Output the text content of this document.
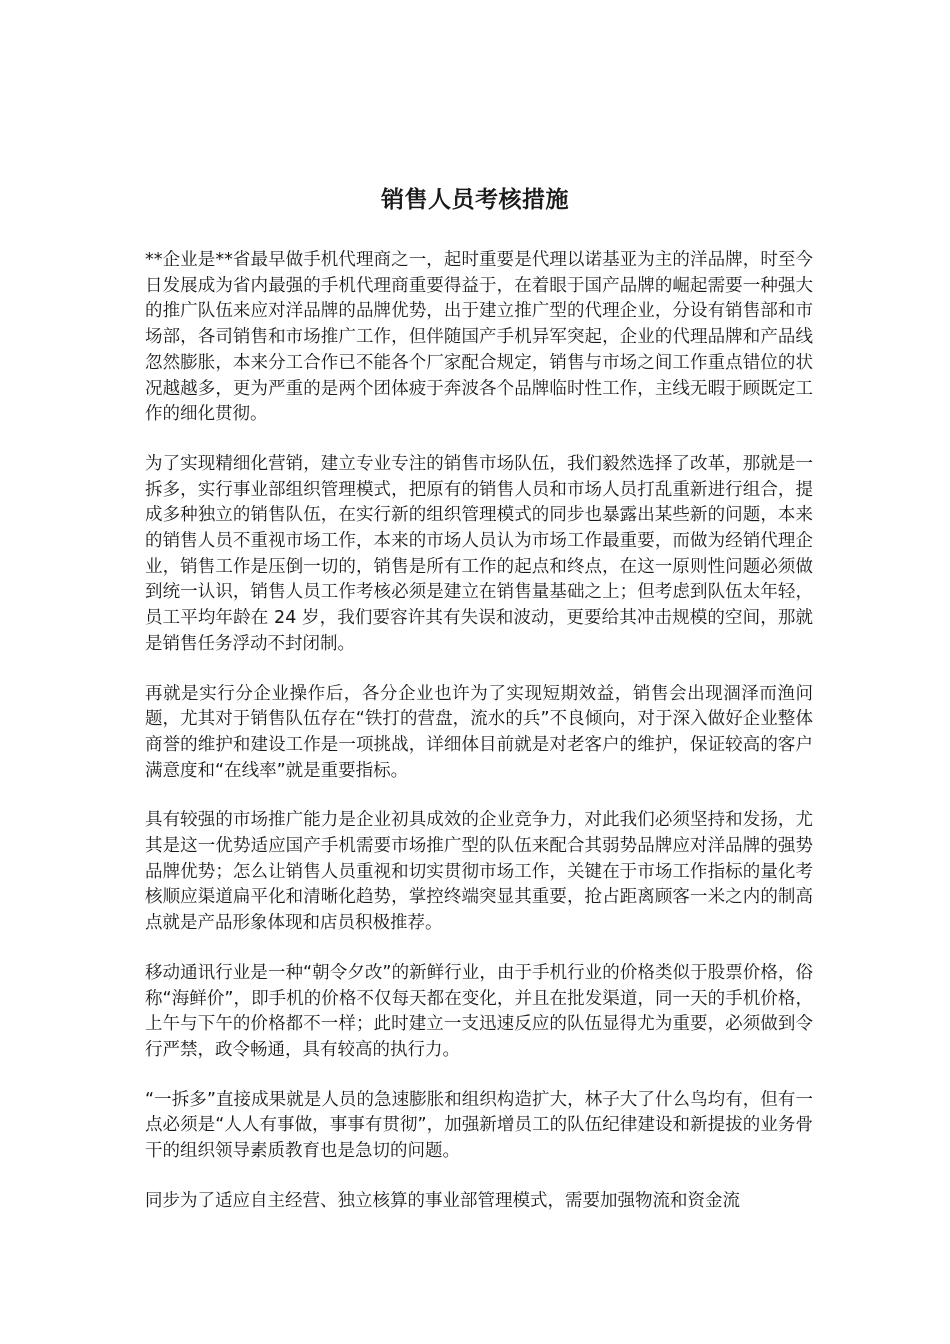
销售人员考核措施

**企业是**省最早做手机代理商之一，起时重要是代理以诺基亚为主的洋品牌，时至今日发展成为省内最强的手机代理商重要得益于，在着眼于国产品牌的崛起需要一种强大的推广队伍来应对洋品牌的品牌优势，出于建立推广型的代理企业，分设有销售部和市场部，各司销售和市场推广工作，但伴随国产手机异军突起，企业的代理品牌和产品线忽然膨胀，本来分工合作已不能各个厂家配合规定，销售与市场之间工作重点错位的状况越越多，更为严重的是两个团体疲于奔波各个品牌临时性工作，主线无暇于顾既定工作的细化贯彻。

为了实现精细化营销，建立专业专注的销售市场队伍，我们毅然选择了改革，那就是一拆多，实行事业部组织管理模式，把原有的销售人员和市场人员打乱重新进行组合，提成多种独立的销售队伍，在实行新的组织管理模式的同步也暴露出某些新的问题，本来的销售人员不重视市场工作，本来的市场人员认为市场工作最重要，而做为经销代理企业，销售工作是压倒一切的，销售是所有工作的起点和终点，在这一原则性问题必须做到统一认识，销售人员工作考核必须是建立在销售量基础之上；但考虑到队伍太年轻，员工平均年龄在 24 岁，我们要容许其有失误和波动，更要给其冲击规模的空间，那就是销售任务浮动不封闭制。

再就是实行分企业操作后，各分企业也许为了实现短期效益，销售会出现涸泽而渔问题，尤其对于销售队伍存在“铁打的营盘，流水的兵”不良倾向，对于深入做好企业整体商誉的维护和建设工作是一项挑战，详细体目前就是对老客户的维护，保证较高的客户满意度和“在线率”就是重要指标。

具有较强的市场推广能力是企业初具成效的企业竞争力，对此我们必须坚持和发扬，尤其是这一优势适应国产手机需要市场推广型的队伍来配合其弱势品牌应对洋品牌的强势品牌优势；怎么让销售人员重视和切实贯彻市场工作，关键在于市场工作指标的量化考核顺应渠道扁平化和清晰化趋势，掌控终端突显其重要，抢占距离顾客一米之内的制高点就是产品形象体现和店员积极推荐。

移动通讯行业是一种“朝令夕改”的新鲜行业，由于手机行业的价格类似于股票价格，俗称“海鲜价”，即手机的价格不仅每天都在变化，并且在批发渠道，同一天的手机价格，上午与下午的价格都不一样；此时建立一支迅速反应的队伍显得尤为重要，必须做到令行严禁，政令畅通，具有较高的执行力。

“一拆多”直接成果就是人员的急速膨胀和组织构造扩大，林子大了什么鸟均有，但有一点必须是“人人有事做，事事有贯彻”，加强新增员工的队伍纪律建设和新提拔的业务骨干的组织领导素质教育也是急切的问题。

同步为了适应自主经营、独立核算的事业部管理模式，需要加强物流和资金流
